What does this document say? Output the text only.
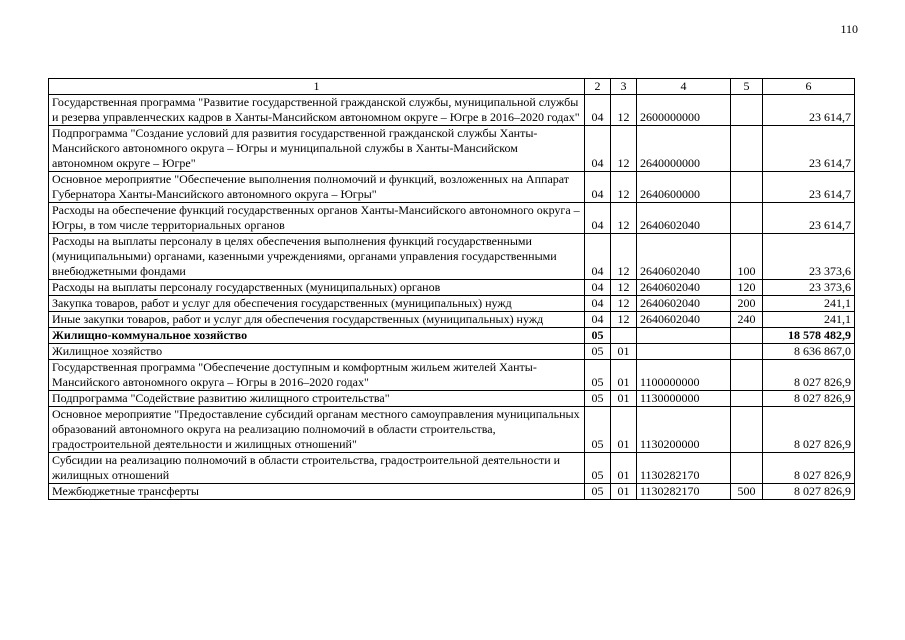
110
1	2	3	4	5	6
Государственная программа "Развитие государственной гражданской службы, муниципальной службы и резерва управленческих кадров в Ханты-Мансийском автономном округе – Югре в 2016–2020 годах"	04	12	2600000000		23 614,7
Подпрограмма "Создание условий для развития государственной гражданской службы Ханты-Мансийского автономного округа – Югры и муниципальной службы в Ханты-Мансийском автономном округе – Югре"	04	12	2640000000		23 614,7
Основное мероприятие "Обеспечение выполнения полномочий и функций, возложенных на Аппарат Губернатора Ханты-Мансийского автономного округа – Югры"	04	12	2640600000		23 614,7
Расходы на обеспечение функций государственных органов Ханты-Мансийского автономного округа – Югры, в том числе территориальных органов	04	12	2640602040		23 614,7
Расходы на выплаты персоналу в целях обеспечения выполнения функций государственными (муниципальными) органами, казенными учреждениями, органами управления государственными внебюджетными фондами	04	12	2640602040	100	23 373,6
Расходы на выплаты персоналу государственных (муниципальных) органов	04	12	2640602040	120	23 373,6
Закупка товаров, работ и услуг для обеспечения государственных (муниципальных) нужд	04	12	2640602040	200	241,1
Иные закупки товаров, работ и услуг для обеспечения государственных (муниципальных) нужд	04	12	2640602040	240	241,1
Жилищно-коммунальное хозяйство	05				18 578 482,9
Жилищное хозяйство	05	01			8 636 867,0
Государственная программа "Обеспечение доступным и комфортным жильем жителей Ханты-Мансийского автономного округа – Югры в 2016–2020 годах"	05	01	1100000000		8 027 826,9
Подпрограмма "Содействие развитию жилищного строительства"	05	01	1130000000		8 027 826,9
Основное мероприятие "Предоставление субсидий органам местного самоуправления муниципальных образований автономного округа на реализацию полномочий в области строительства, градостроительной деятельности и жилищных отношений"	05	01	1130200000		8 027 826,9
Субсидии на реализацию полномочий в области строительства, градостроительной деятельности и жилищных отношений	05	01	1130282170		8 027 826,9
Межбюджетные трансферты	05	01	1130282170	500	8 027 826,9
